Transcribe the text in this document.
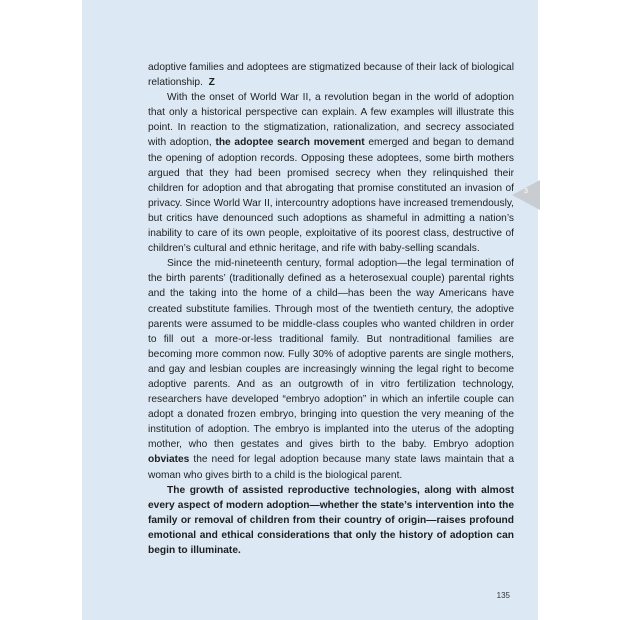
3

adoptive families and adoptees are stigmatized because of their lack of biological relationship. Z

With the onset of World War II, a revolution began in the world of adoption that only a historical perspective can explain. A few examples will illustrate this point. In reaction to the stigmatization, rationalization, and secrecy associated with adoption, the adoptee search movement emerged and began to demand the opening of adoption records. Opposing these adoptees, some birth mothers argued that they had been promised secrecy when they relinquished their children for adoption and that abrogating that promise constituted an invasion of privacy. Since World War II, intercountry adoptions have increased tremendously, but critics have denounced such adoptions as shameful in admitting a nation’s inability to care of its own people, exploitative of its poorest class, destructive of children’s cultural and ethnic heritage, and rife with baby-selling scandals.

Since the mid-nineteenth century, formal adoption—the legal termination of the birth parents’ (traditionally defined as a heterosexual couple) parental rights and the taking into the home of a child—has been the way Americans have created substitute families. Through most of the twentieth century, the adoptive parents were assumed to be middle-class couples who wanted children in order to fill out a more-or-less traditional family. But nontraditional families are becoming more common now. Fully 30% of adoptive parents are single mothers, and gay and lesbian couples are increasingly winning the legal right to become adoptive parents. And as an outgrowth of in vitro fertilization technology, researchers have developed “embryo adoption” in which an infertile couple can adopt a donated frozen embryo, bringing into question the very meaning of the institution of adoption. The embryo is implanted into the uterus of the adopting mother, who then gestates and gives birth to the baby. Embryo adoption obviates the need for legal adoption because many state laws maintain that a woman who gives birth to a child is the biological parent.

The growth of assisted reproductive technologies, along with almost every aspect of modern adoption—whether the state’s intervention into the family or removal of children from their country of origin—raises profound emotional and ethical considerations that only the history of adoption can begin to illuminate.

135
